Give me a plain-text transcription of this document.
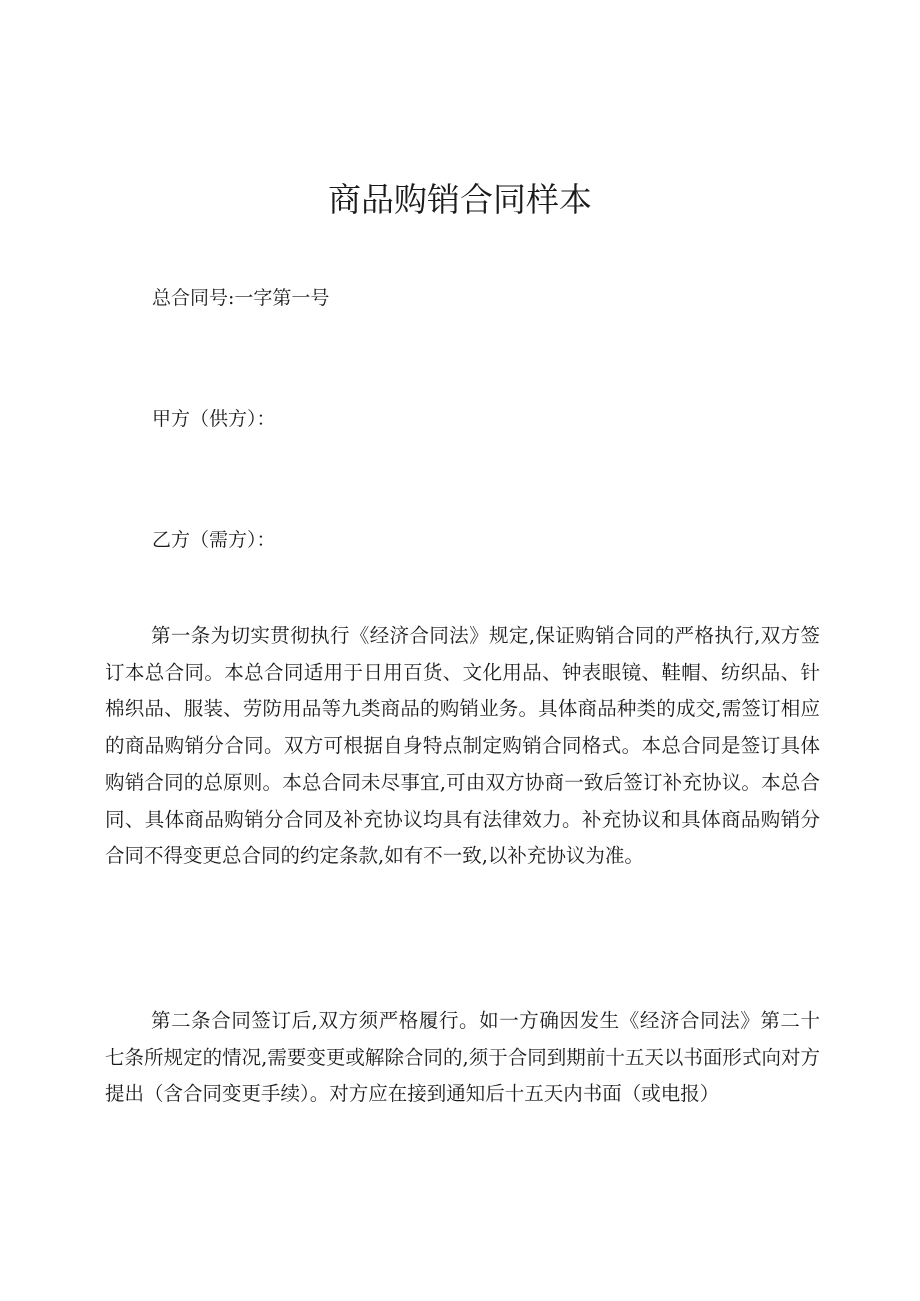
商品购销合同样本

总合同号:一字第一号

甲方（供方）：

乙方（需方）：

第一条为切实贯彻执行《经济合同法》规定,保证购销合同的严格执行,双方签订本总合同。本总合同适用于日用百货、文化用品、钟表眼镜、鞋帽、纺织品、针棉织品、服装、劳防用品等九类商品的购销业务。具体商品种类的成交,需签订相应的商品购销分合同。双方可根据自身特点制定购销合同格式。本总合同是签订具体购销合同的总原则。本总合同未尽事宜,可由双方协商一致后签订补充协议。本总合同、具体商品购销分合同及补充协议均具有法律效力。补充协议和具体商品购销分合同不得变更总合同的约定条款,如有不一致,以补充协议为准。

第二条合同签订后,双方须严格履行。如一方确因发生《经济合同法》第二十七条所规定的情况,需要变更或解除合同的,须于合同到期前十五天以书面形式向对方提出（含合同变更手续）。对方应在接到通知后十五天内书面（或电报）
